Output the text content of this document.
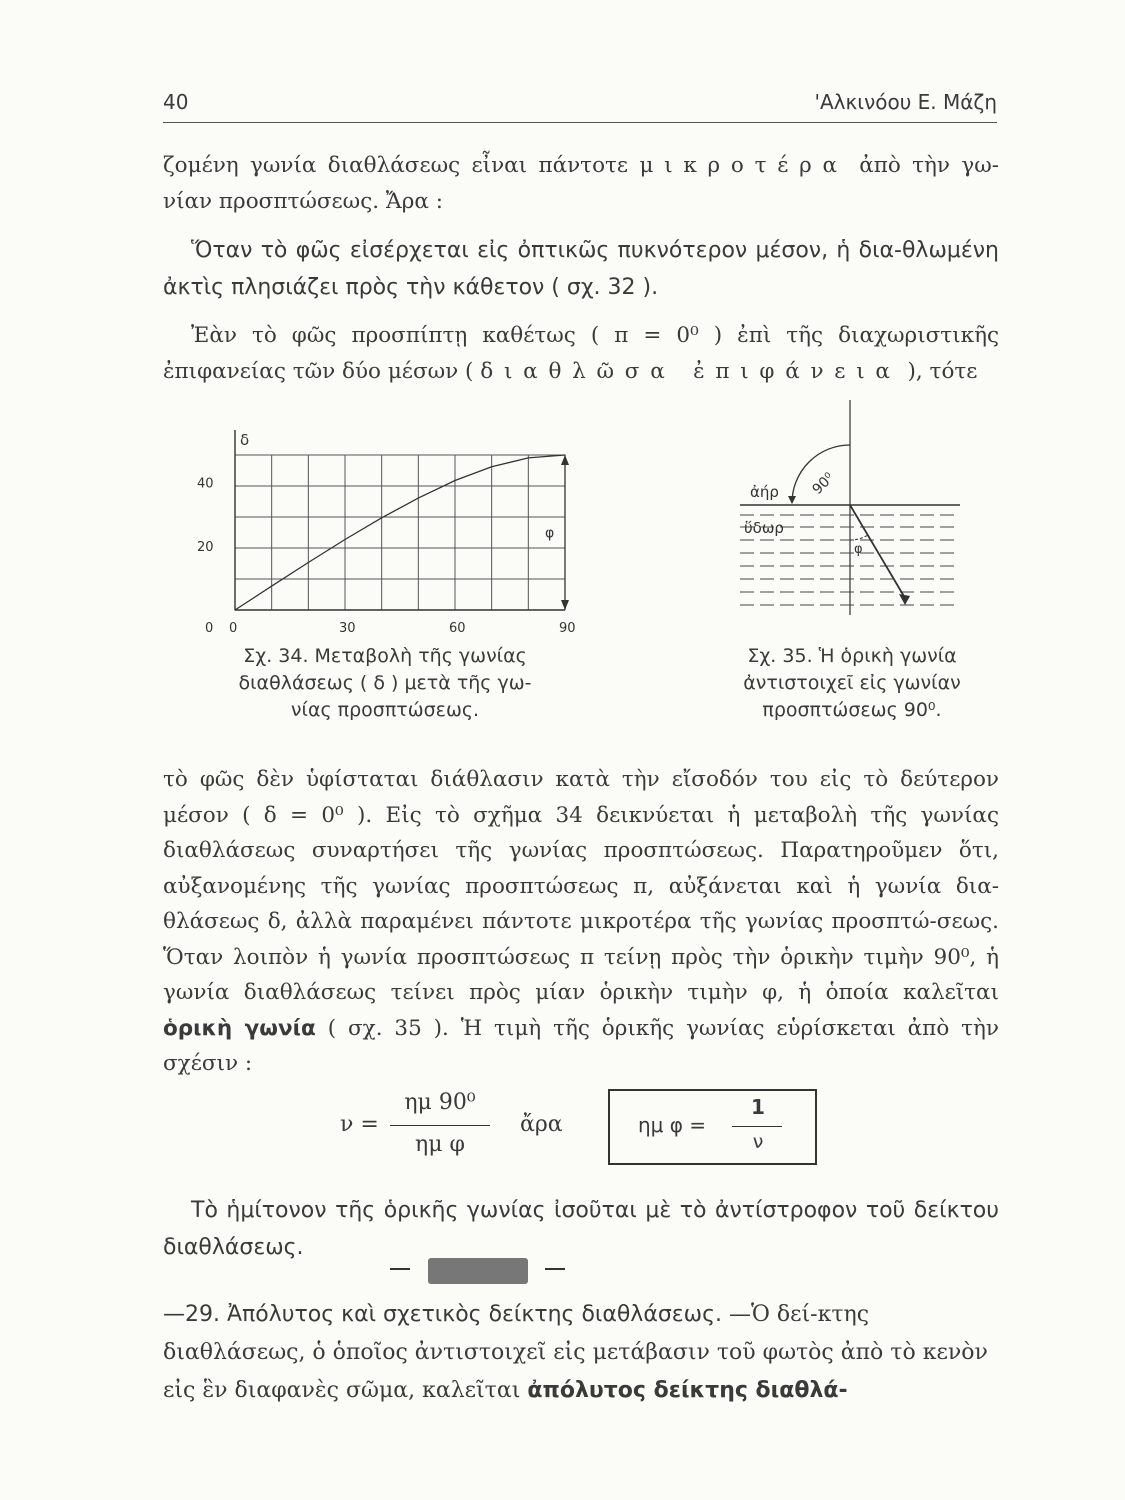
40	'Αλκινόου Ε. Μάζη

ζομένη γωνία διαθλάσεως εἶναι πάντοτε μικροτέρα ἀπὸ τὴν γω- νίαν προσπτώσεως. Ἄρα :

Ὅταν τὸ φῶς εἰσέρχεται εἰς ὀπτικῶς πυκνότερον μέσον, ἡ δια-θλωμένη ἀκτὶς πλησιάζει πρὸς τὴν κάθετον ( σχ. 32 ).

Ἐὰν τὸ φῶς προσπίπτῃ καθέτως ( π = 0⁰ ) ἐπὶ τῆς διαχωριστικῆς ἐπιφανείας τῶν δύο μέσων ( διαθλῶσα ἐπιφάνεια ), τότε

δ
0	30	60	90
0
20
40
φ
Σχ. 34. Μεταβολὴ τῆς γωνίας
διαθλάσεως ( δ ) μετὰ τῆς γω-
νίας προσπτώσεως.
ἀήρ
ὕδωρ
90⁰
φ
Σχ. 35. Ἡ ὁρικὴ γωνία
ἀντιστοιχεῖ εἰς γωνίαν
προσπτώσεως 90⁰.

τὸ φῶς δὲν ὑφίσταται διάθλασιν κατὰ τὴν εἴσοδόν του εἰς τὸ δεύτερον μέσον ( δ = 0⁰ ). Εἰς τὸ σχῆμα 34 δεικνύεται ἡ μεταβολὴ τῆς γωνίας διαθλάσεως συναρτήσει τῆς γωνίας προσπτώσεως. Παρατηροῦμεν ὅτι, αὐξανομένης τῆς γωνίας προσπτώσεως π, αὐξάνεται καὶ ἡ γωνία δια-θλάσεως δ, ἀλλὰ παραμένει πάντοτε μικροτέρα τῆς γωνίας προσπτώ-σεως. Ὅταν λοιπὸν ἡ γωνία προσπτώσεως π τείνῃ πρὸς τὴν ὁρικὴν τιμὴν 90⁰, ἡ γωνία διαθλάσεως τείνει πρὸς μίαν ὁρικὴν τιμὴν φ, ἡ ὁποία καλεῖται ὁρικὴ γωνία ( σχ. 35 ). Ἡ τιμὴ τῆς ὁρικῆς γωνίας εὑρίσκεται ἀπὸ τὴν σχέσιν :

ν =
ημ 90⁰
ημ φ
ἄρα	ημ φ =
1
ν

Τὸ ἡμίτονον τῆς ὁρικῆς γωνίας ἰσοῦται μὲ τὸ ἀντίστροφον τοῦ δείκτου διαθλάσεως.

—29. Ἀπόλυτος καὶ σχετικὸς δείκτης διαθλάσεως. —Ὁ δεί-κτης διαθλάσεως, ὁ ὁποῖος ἀντιστοιχεῖ εἰς μετάβασιν τοῦ φωτὸς ἀπὸ τὸ κενὸν εἰς ἓν διαφανὲς σῶμα, καλεῖται ἀπόλυτος δείκτης διαθλά-
